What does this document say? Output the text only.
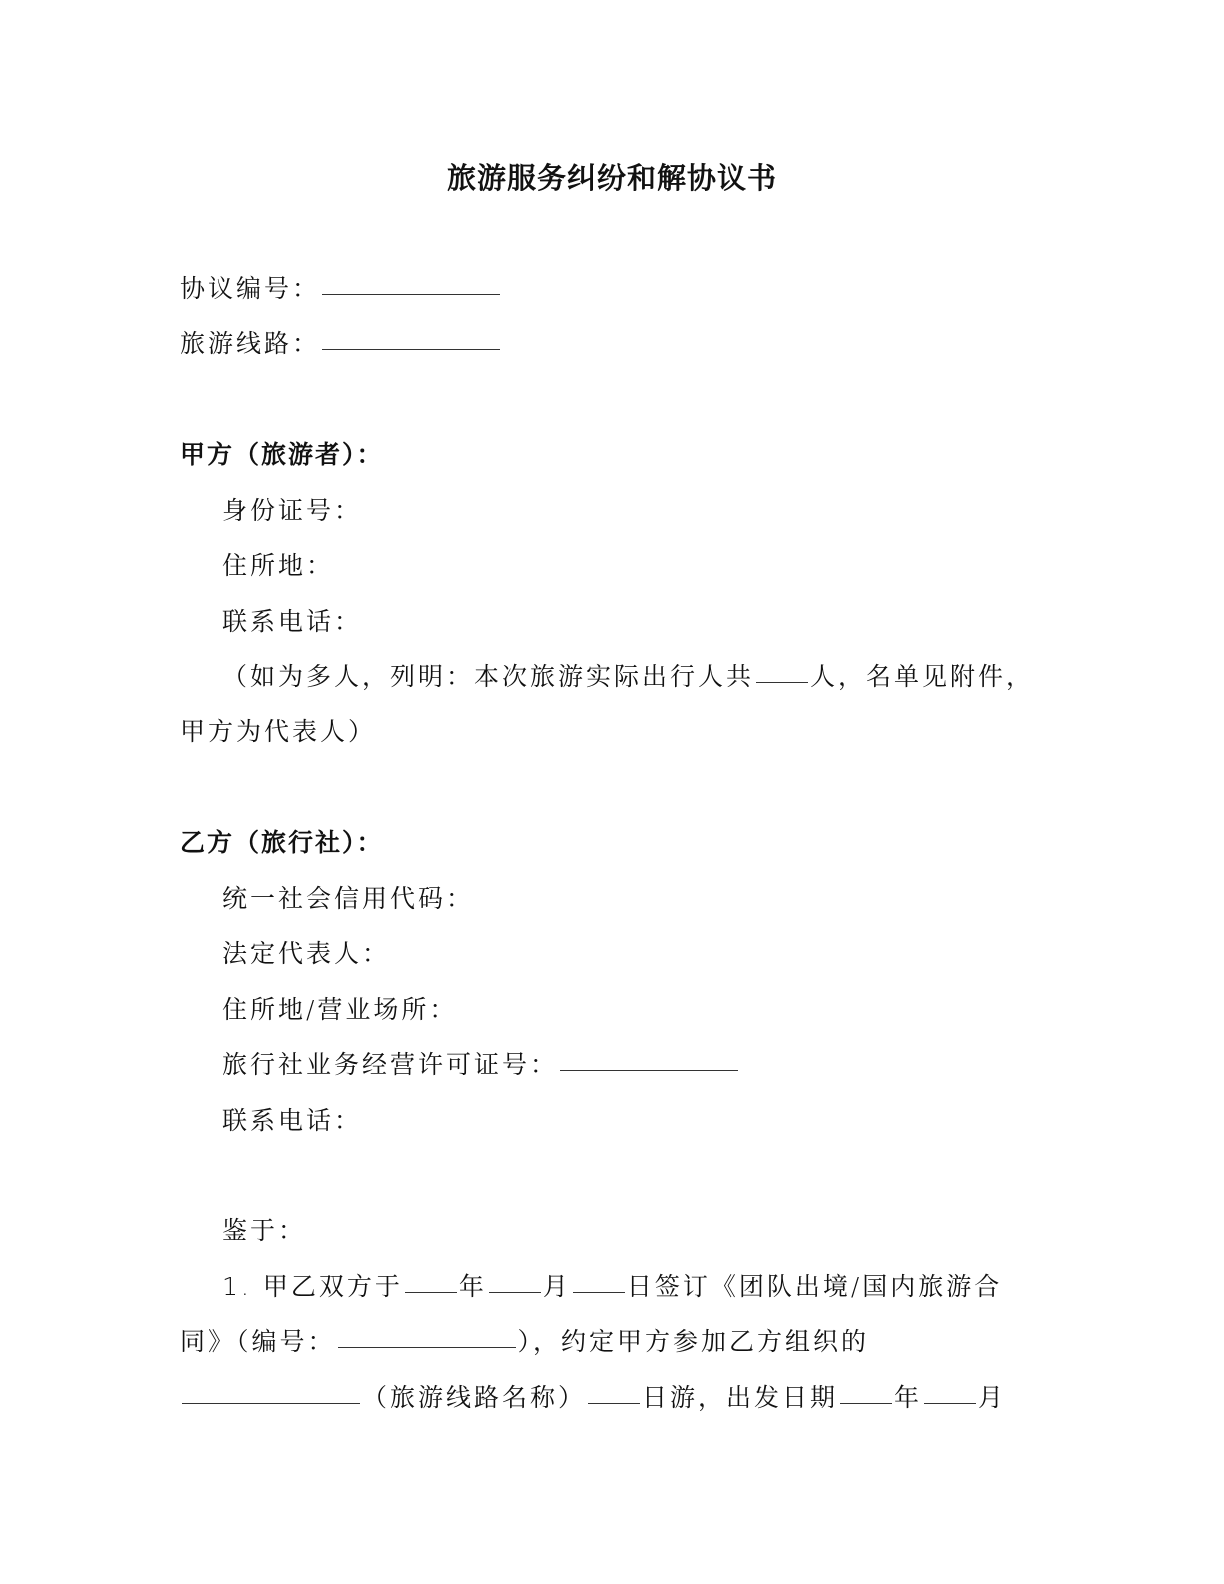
旅游服务纠纷和解协议书
协议编号：
旅游线路：
甲方（旅游者）：
身份证号：
住所地：
联系电话：
（如为多人，列明：本次旅游实际出行人共 人，名单见附件，
甲方为代表人）
乙方（旅行社）：
统一社会信用代码：
法定代表人：
住所地/营业场所：
旅行社业务经营许可证号：
联系电话：
鉴于：
1. 甲乙双方于 年 月 日签订《团队出境/国内旅游合
同》（编号：	），约定甲方参加乙方组织的
（旅游线路名称） 日游，出发日期 年 月
